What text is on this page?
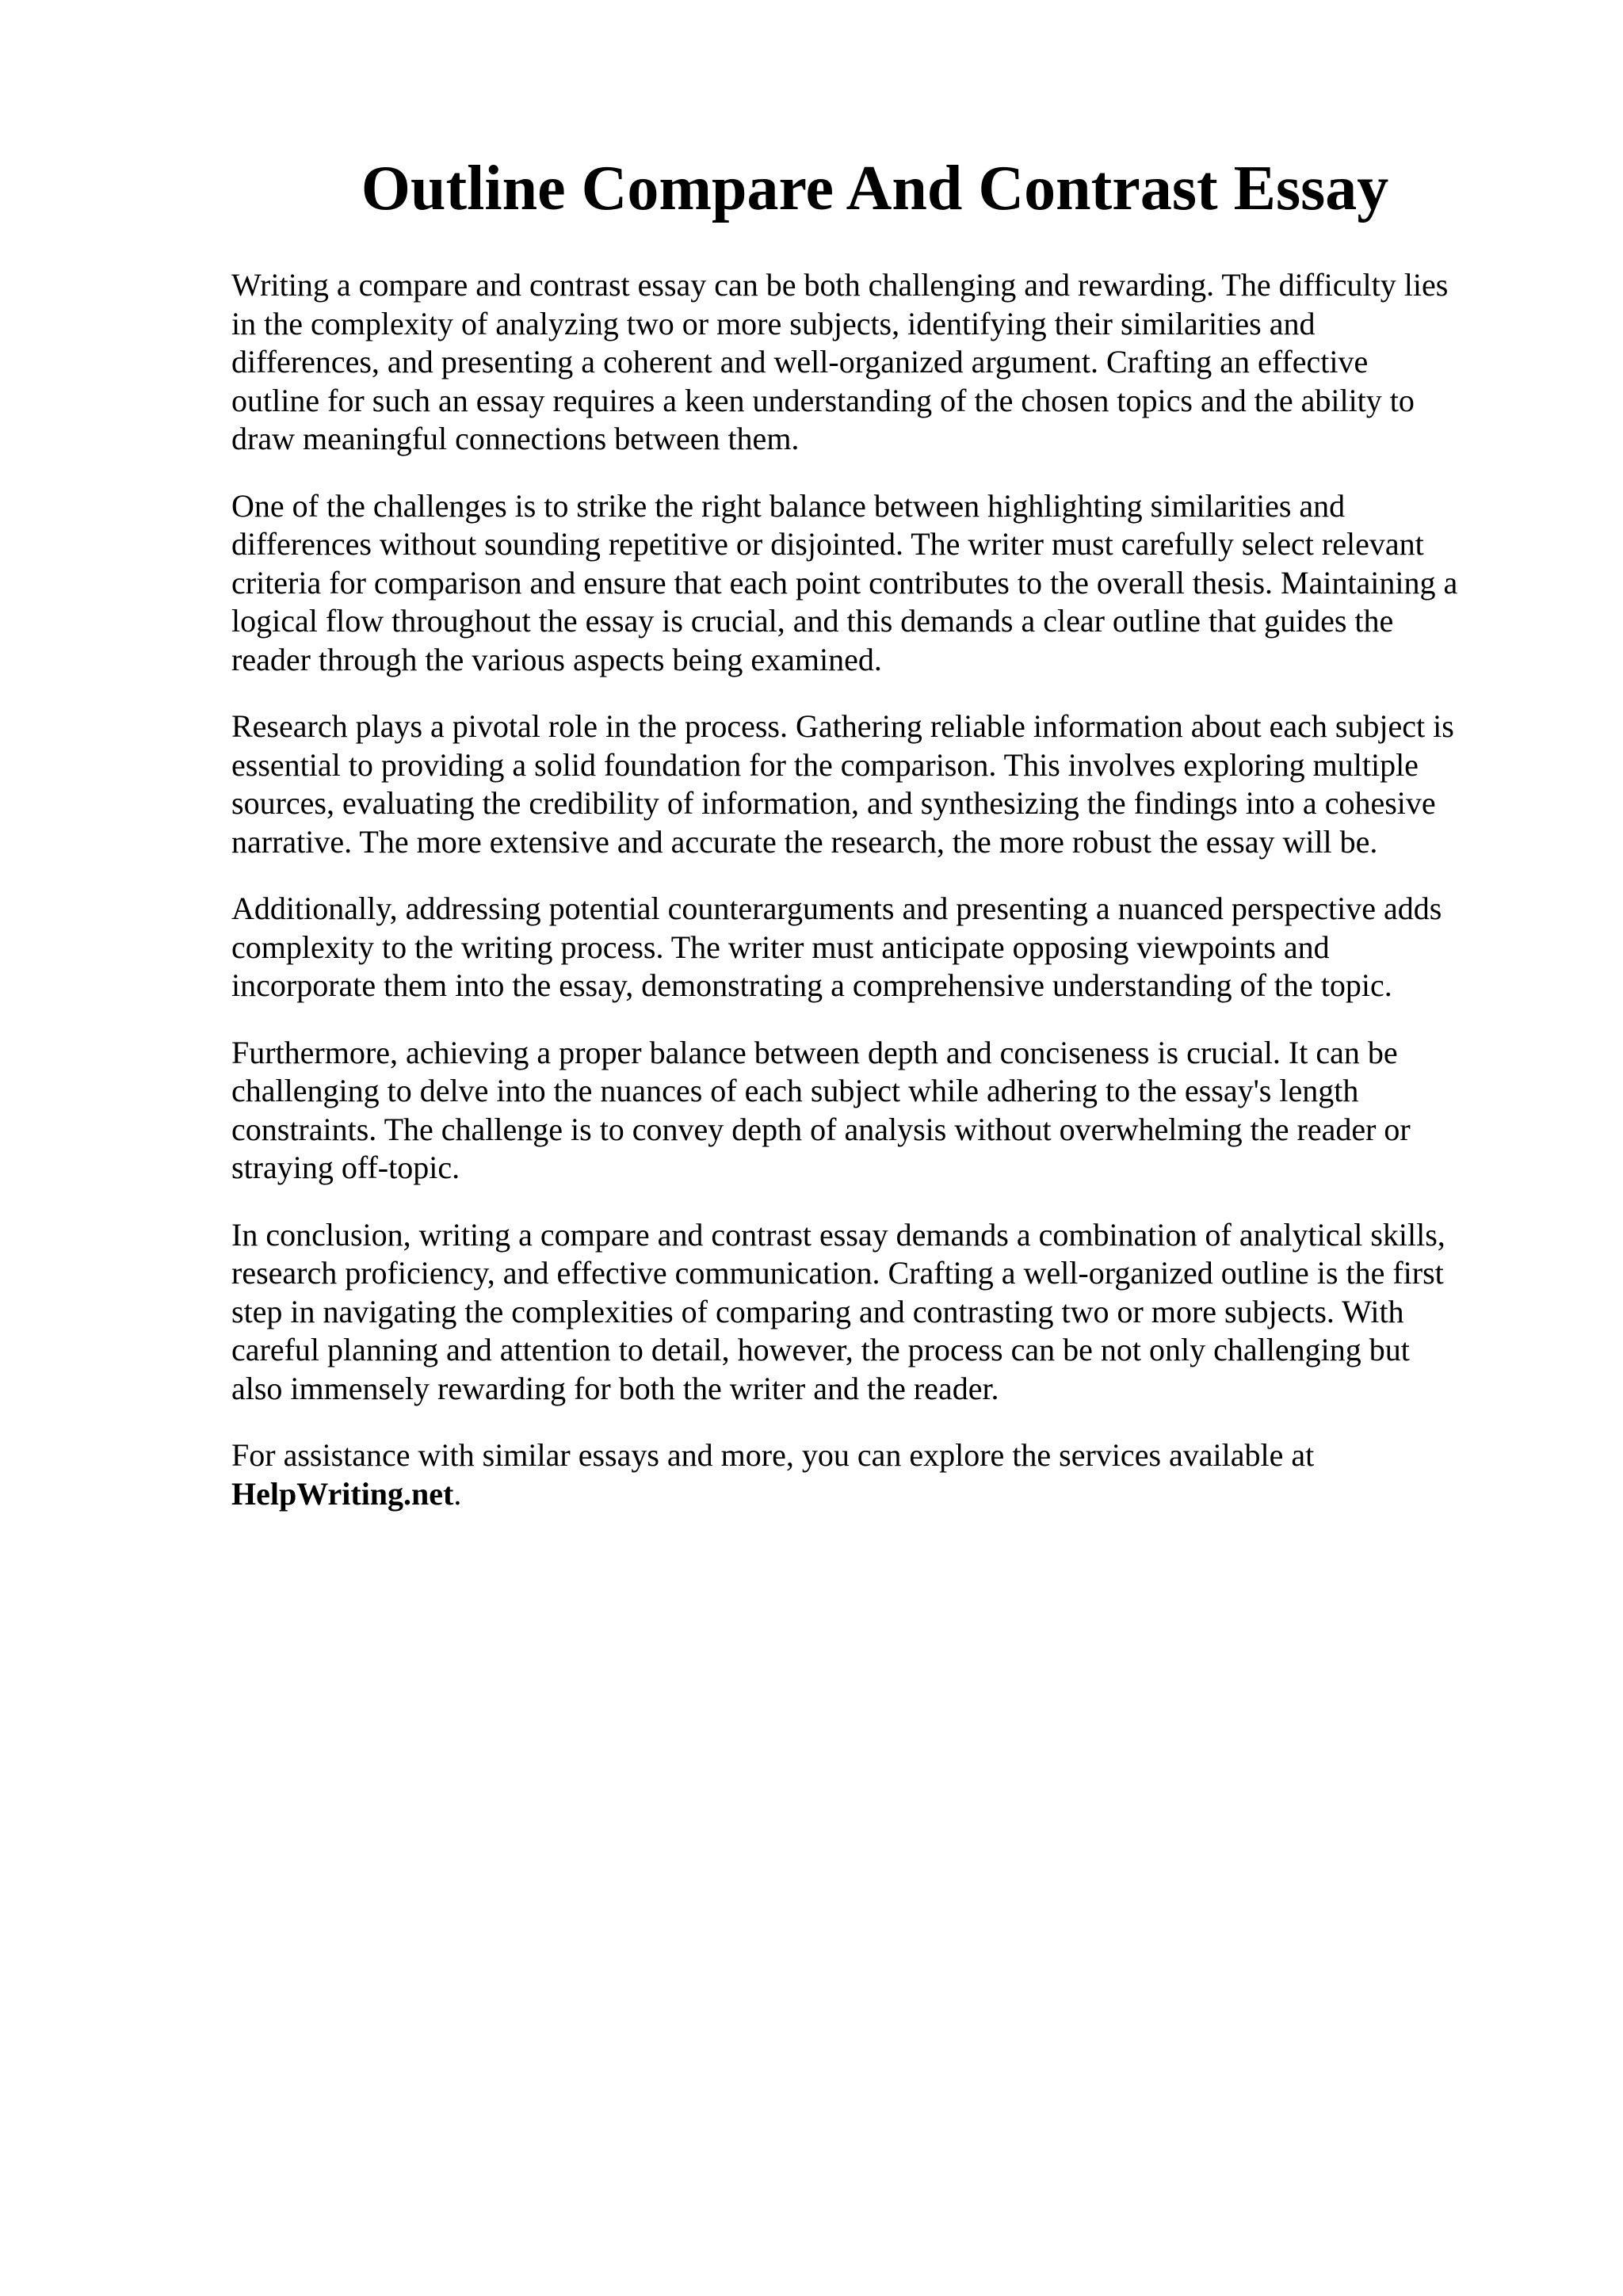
Outline Compare And Contrast Essay

Writing a compare and contrast essay can be both challenging and rewarding. The difficulty lies
in the complexity of analyzing two or more subjects, identifying their similarities and
differences, and presenting a coherent and well-organized argument. Crafting an effective
outline for such an essay requires a keen understanding of the chosen topics and the ability to
draw meaningful connections between them.

One of the challenges is to strike the right balance between highlighting similarities and
differences without sounding repetitive or disjointed. The writer must carefully select relevant
criteria for comparison and ensure that each point contributes to the overall thesis. Maintaining a
logical flow throughout the essay is crucial, and this demands a clear outline that guides the
reader through the various aspects being examined.

Research plays a pivotal role in the process. Gathering reliable information about each subject is
essential to providing a solid foundation for the comparison. This involves exploring multiple
sources, evaluating the credibility of information, and synthesizing the findings into a cohesive
narrative. The more extensive and accurate the research, the more robust the essay will be.

Additionally, addressing potential counterarguments and presenting a nuanced perspective adds
complexity to the writing process. The writer must anticipate opposing viewpoints and
incorporate them into the essay, demonstrating a comprehensive understanding of the topic.

Furthermore, achieving a proper balance between depth and conciseness is crucial. It can be
challenging to delve into the nuances of each subject while adhering to the essay's length
constraints. The challenge is to convey depth of analysis without overwhelming the reader or
straying off-topic.

In conclusion, writing a compare and contrast essay demands a combination of analytical skills,
research proficiency, and effective communication. Crafting a well-organized outline is the first
step in navigating the complexities of comparing and contrasting two or more subjects. With
careful planning and attention to detail, however, the process can be not only challenging but
also immensely rewarding for both the writer and the reader.

For assistance with similar essays and more, you can explore the services available at
HelpWriting.net.
